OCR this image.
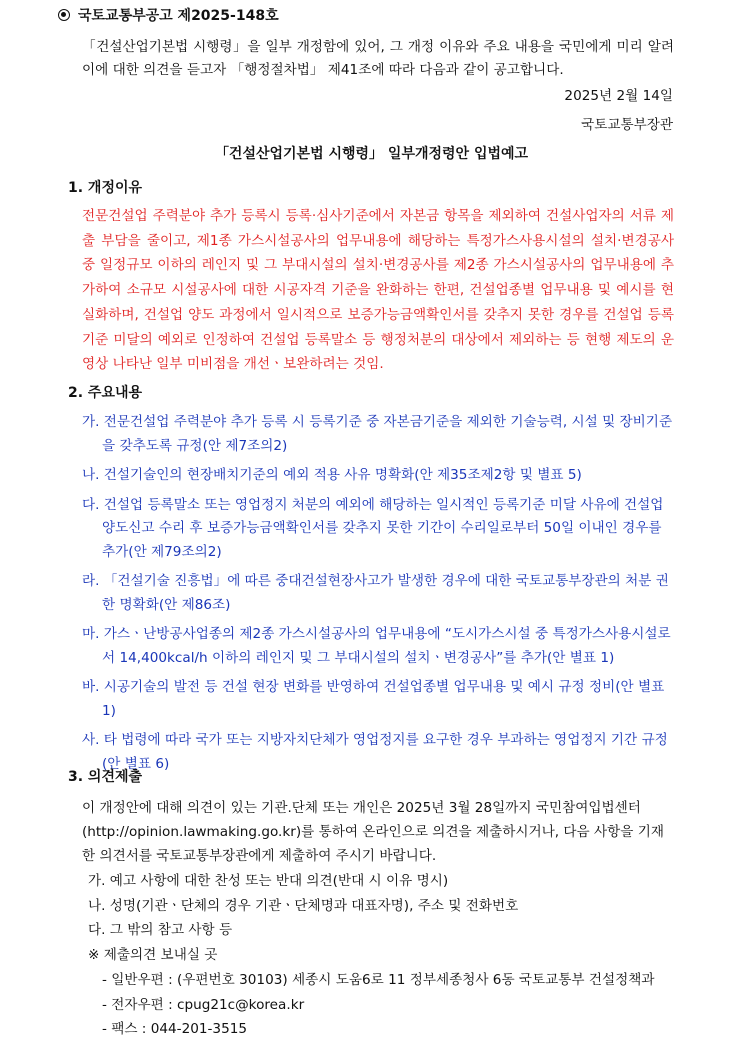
국토교통부공고 제2025-148호
「건설산업기본법 시행령」을 일부 개정함에 있어, 그 개정 이유와 주요 내용을 국민에게 미리 알려 이에 대한 의견을 듣고자 「행정절차법」 제41조에 따라 다음과 같이 공고합니다.
2025년 2월 14일
국토교통부장관
「건설산업기본법 시행령」 일부개정령안 입법예고
1. 개정이유
전문건설업 주력분야 추가 등록시 등록·심사기준에서 자본금 항목을 제외하여 건설사업자의 서류 제출 부담을 줄이고, 제1종 가스시설공사의 업무내용에 해당하는 특정가스사용시설의 설치·변경공사 중 일정규모 이하의 레인지 및 그 부대시설의 설치·변경공사를 제2종 가스시설공사의 업무내용에 추가하여 소규모 시설공사에 대한 시공자격 기준을 완화하는 한편, 건설업종별 업무내용 및 예시를 현실화하며, 건설업 양도 과정에서 일시적으로 보증가능금액확인서를 갖추지 못한 경우를 건설업 등록기준 미달의 예외로 인정하여 건설업 등록말소 등 행정처분의 대상에서 제외하는 등 현행 제도의 운영상 나타난 일부 미비점을 개선ㆍ보완하려는 것임.
2. 주요내용
가. 전문건설업 주력분야 추가 등록 시 등록기준 중 자본금기준을 제외한 기술능력, 시설 및 장비기준을 갖추도록 규정(안 제7조의2)
나. 건설기술인의 현장배치기준의 예외 적용 사유 명확화(안 제35조제2항 및 별표 5)
다. 건설업 등록말소 또는 영업정지 처분의 예외에 해당하는 일시적인 등록기준 미달 사유에 건설업양도신고 수리 후 보증가능금액확인서를 갖추지 못한 기간이 수리일로부터 50일 이내인 경우를 추가(안 제79조의2)
라. 「건설기술 진흥법」에 따른 중대건설현장사고가 발생한 경우에 대한 국토교통부장관의 처분 권한 명확화(안 제86조)
마. 가스ㆍ난방공사업종의 제2종 가스시설공사의 업무내용에 “도시가스시설 중 특정가스사용시설로서 14,400kcal/h 이하의 레인지 및 그 부대시설의 설치ㆍ변경공사”를 추가(안 별표 1)
바. 시공기술의 발전 등 건설 현장 변화를 반영하여 건설업종별 업무내용 및 예시 규정 정비(안 별표 1)
사. 타 법령에 따라 국가 또는 지방자치단체가 영업정지를 요구한 경우 부과하는 영업정지 기간 규정(안 별표 6)
3. 의견제출
이 개정안에 대해 의견이 있는 기관.단체 또는 개인은 2025년 3월 28일까지 국민참여입법센터(http://opinion.lawmaking.go.kr)를 통하여 온라인으로 의견을 제출하시거나, 다음 사항을 기재한 의견서를 국토교통부장관에게 제출하여 주시기 바랍니다.
가. 예고 사항에 대한 찬성 또는 반대 의견(반대 시 이유 명시)
나. 성명(기관ㆍ단체의 경우 기관ㆍ단체명과 대표자명), 주소 및 전화번호
다. 그 밖의 참고 사항 등
※ 제출의견 보내실 곳
- 일반우편 : (우편번호 30103) 세종시 도움6로 11 정부세종청사 6동 국토교통부 건설정책과
- 전자우편 : cpug21c@korea.kr
- 팩스 : 044-201-3515
